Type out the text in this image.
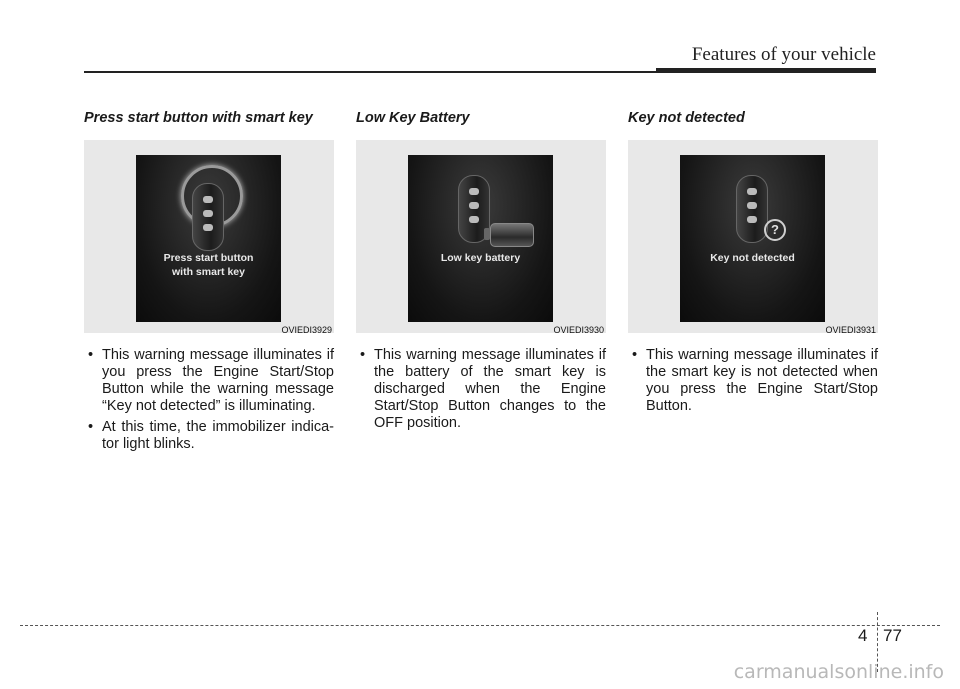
Features of your vehicle
Press start button with smart key
Press start button
with smart key
OVIEDI3929
• This warning message illuminates if you press the Engine Start/Stop Button while the warning message “Key not detected” is illuminating.
• At this time, the immobilizer indica-tor light blinks.
Low Key Battery
Low key battery
OVIEDI3930
• This warning message illuminates if the battery of the smart key is discharged when the Engine Start/Stop Button changes to the OFF position.
Key not detected
?
Key not detected
OVIEDI3931
• This warning message illuminates if the smart key is not detected when you press the Engine Start/Stop Button.
4 77
carmanualsonline.info
